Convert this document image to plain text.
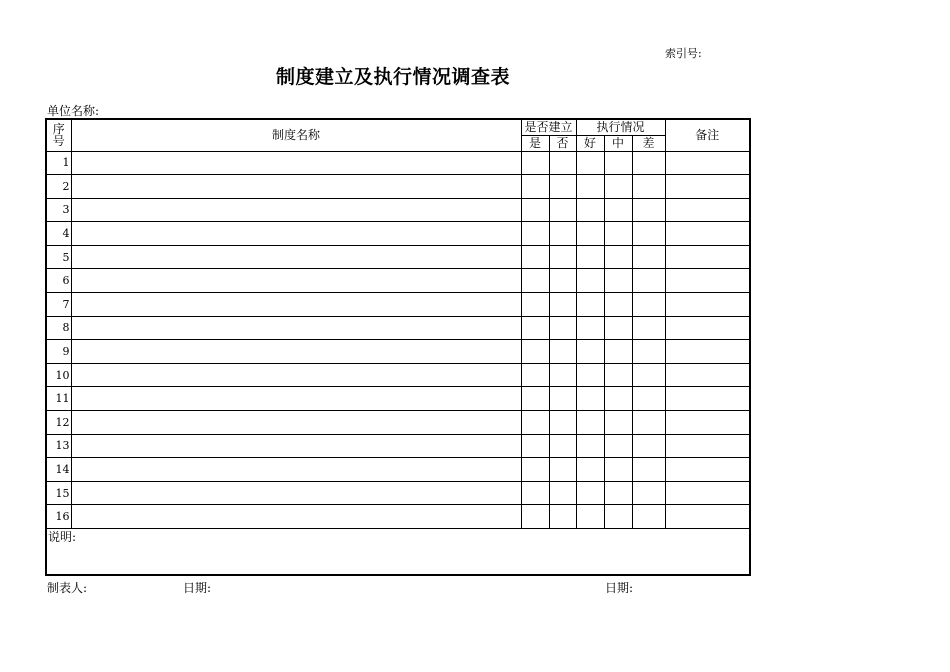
索引号:
制度建立及执行情况调查表
单位名称:
序号	制度名称	是否建立		执行情况			备注
		是	否	好	中	差	
1							
2							
3							
4							
5							
6							
7							
8							
9							
10							
11							
12							
13							
14							
15							
16							
说明:							
制表人:	日期:	日期:
